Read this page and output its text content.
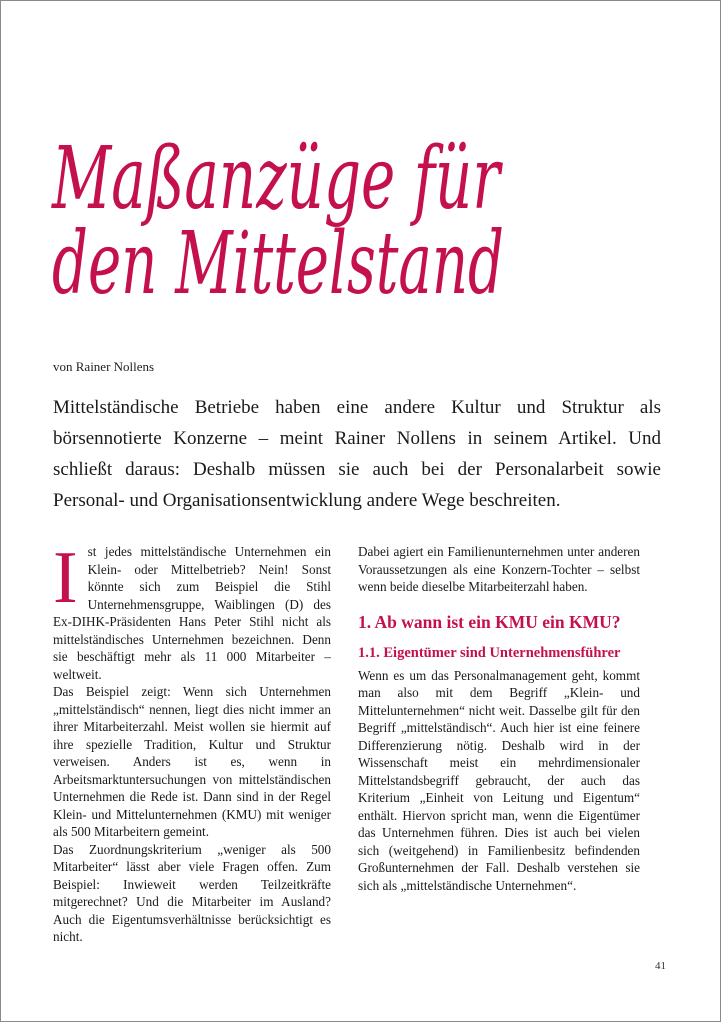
Maßanzüge für
den Mittelstand
von Rainer Nollens
Mittelständische Betriebe haben eine andere Kultur und Struktur als börsennotierte Konzerne – meint Rainer Nollens in seinem Artikel. Und schließt daraus: Deshalb müssen sie auch bei der Personalarbeit sowie Personal- und Organisationsentwicklung andere Wege beschreiten.
I st jedes mittelständische Unternehmen ein Klein- oder Mittelbetrieb? Nein! Sonst könnte sich zum Beispiel die Stihl Unternehmensgruppe, Waiblingen (D) des Ex-DIHK-Präsidenten Hans Peter Stihl nicht als mittelständisches Unternehmen bezeichnen. Denn sie beschäftigt mehr als 11 000 Mitarbeiter – weltweit.

Das Beispiel zeigt: Wenn sich Unternehmen „mittelständisch“ nennen, liegt dies nicht immer an ihrer Mitarbeiterzahl. Meist wollen sie hiermit auf ihre spezielle Tradition, Kultur und Struktur verweisen. Anders ist es, wenn in Arbeitsmarktuntersuchungen von mittelständischen Unternehmen die Rede ist. Dann sind in der Regel Klein- und Mittelunternehmen (KMU) mit weniger als 500 Mitarbeitern gemeint.

Das Zuordnungskriterium „weniger als 500 Mitarbeiter“ lässt aber viele Fragen offen. Zum Beispiel: Inwieweit werden Teilzeitkräfte mitgerechnet? Und die Mitarbeiter im Ausland? Auch die Eigentumsverhältnisse berücksichtigt es nicht.

Dabei agiert ein Familienunternehmen unter anderen Voraussetzungen als eine Konzern-Tochter – selbst wenn beide dieselbe Mitarbeiterzahl haben.

1. Ab wann ist ein KMU ein KMU?
1.1. Eigentümer sind Unternehmensführer

Wenn es um das Personalmanagement geht, kommt man also mit dem Begriff „Klein- und Mittelunternehmen“ nicht weit. Dasselbe gilt für den Begriff „mittelständisch“. Auch hier ist eine feinere Differenzierung nötig. Deshalb wird in der Wissenschaft meist ein mehrdimensionaler Mittelstandsbegriff gebraucht, der auch das Kriterium „Einheit von Leitung und Eigentum“ enthält. Hiervon spricht man, wenn die Eigentümer das Unternehmen führen. Dies ist auch bei vielen sich (weitgehend) in Familienbesitz befindenden Großunternehmen der Fall. Deshalb verstehen sie sich als „mittelständische Unternehmen“.

41
